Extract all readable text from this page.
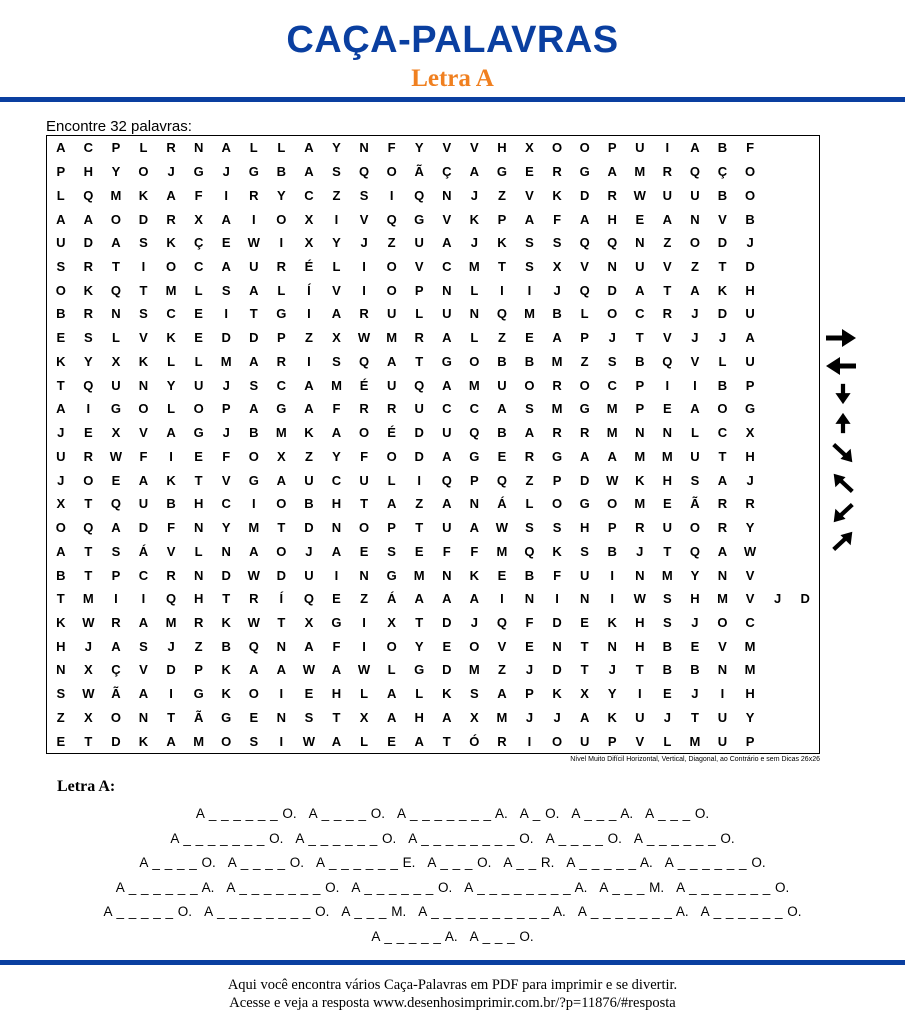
CAÇA-PALAVRAS
Letra A
Encontre 32 palavras:
A	C	P	L	R	N	A	L	L	A	Y	N	F	Y	V	V	H	X	O	O	P	U	I	A	B	F
P	H	Y	O	J	G	J	G	B	A	S	Q	O	Ã	Ç	A	G	E	R	G	A	M	R	Q	Ç	O
L	Q	M	K	A	F	I	R	Y	C	Z	S	I	Q	N	J	Z	V	K	D	R	W	U	U	B	O
A	A	O	D	R	X	A	I	O	X	I	V	Q	G	V	K	P	A	F	A	H	E	A	N	V	B
U	D	A	S	K	Ç	E	W	I	X	Y	J	Z	U	A	J	K	S	S	Q	Q	N	Z	O	D	J
S	R	T	I	O	C	A	U	R	É	L	I	O	V	C	M	T	S	X	V	N	U	V	Z	T	D
O	K	Q	T	M	L	S	A	L	Í	V	I	O	P	N	L	I	I	J	Q	D	A	T	A	K	H
B	R	N	S	C	E	I	T	G	I	A	R	U	L	U	N	Q	M	B	L	O	C	R	J	D	U
E	S	L	V	K	E	D	D	P	Z	X	W	M	R	A	L	Z	E	A	P	J	T	V	J	J	A
K	Y	X	K	L	L	M	A	R	I	S	Q	A	T	G	O	B	B	M	Z	S	B	Q	V	L	U
T	Q	U	N	Y	U	J	S	C	A	M	É	U	Q	A	M	U	O	R	O	C	P	I	I	B	P
A	I	G	O	L	O	P	A	G	A	F	R	R	U	C	C	A	S	M	G	M	P	E	A	O	G
J	E	X	V	A	G	J	B	M	K	A	O	É	D	U	Q	B	A	R	R	M	N	N	L	C	X
U	R	W	F	I	E	F	O	X	Z	Y	F	O	D	A	G	E	R	G	A	A	M	M	U	T	H
J	O	E	A	K	T	V	G	A	U	C	U	L	I	Q	P	Q	Z	P	D	W	K	H	S	A	J
X	T	Q	U	B	H	C	I	O	B	H	T	A	Z	A	N	Á	L	O	G	O	M	E	Ã	R	R
O	Q	A	D	F	N	Y	M	T	D	N	O	P	T	U	A	W	S	S	H	P	R	U	O	R	Y
A	T	S	Á	V	L	N	A	O	J	A	E	S	E	F	F	M	Q	K	S	B	J	T	Q	A	W
B	T	P	C	R	N	D	W	D	U	I	N	G	M	N	K	E	B	F	U	I	N	M	Y	N	V
T	M	I	I	Q	H	T	R	Í	Q	E	Z	Á	A	A	A	I	N	I	N	I	W	S	H	M	V	J	D
K	W	R	A	M	R	K	W	T	X	G	I	X	T	D	J	Q	F	D	E	K	H	S	J	O	C
H	J	A	S	J	Z	B	Q	N	A	F	I	O	Y	E	O	V	E	N	T	N	H	B	E	V	M
N	X	Ç	V	D	P	K	A	A	W	A	W	L	G	D	M	Z	J	D	T	J	T	B	B	N	M
S	W	Ã	A	I	G	K	O	I	E	H	L	A	L	K	S	A	P	K	X	Y	I	E	J	I	H
Z	X	O	N	T	Ã	G	E	N	S	T	X	A	H	A	X	M	J	J	A	K	U	J	T	U	Y
E	T	D	K	A	M	O	S	I	W	A	L	E	A	T	Ó	R	I	O	U	P	V	L	M	U	P
Nível Muito Difícil Horizontal, Vertical, Diagonal, ao Contrário e sem Dicas 26x26
Letra A:
A _ _ _ _ _ _ O. A _ _ _ _ O. A _ _ _ _ _ _ _ A. A _ O. A _ _ _ A. A _ _ _ O.
A _ _ _ _ _ _ _ O. A _ _ _ _ _ _ O. A _ _ _ _ _ _ _ _ O. A _ _ _ _ O. A _ _ _ _ _ _ O.
A _ _ _ _ O. A _ _ _ _ O. A _ _ _ _ _ _ E. A _ _ _ O. A _ _ R. A _ _ _ _ _ A. A _ _ _ _ _ _ O.
A _ _ _ _ _ _ A. A _ _ _ _ _ _ _ O. A _ _ _ _ _ _ O. A _ _ _ _ _ _ _ _ A. A _ _ _ M. A _ _ _ _ _ _ _ O.
A _ _ _ _ _ O. A _ _ _ _ _ _ _ _ O. A _ _ _ M. A _ _ _ _ _ _ _ _ _ _ A. A _ _ _ _ _ _ _ A. A _ _ _ _ _ _ O.
A _ _ _ _ _ A. A _ _ _ O.
Aqui você encontra vários Caça-Palavras em PDF para imprimir e se divertir.
Acesse e veja a resposta www.desenhosimprimir.com.br/?p=11876/#resposta
